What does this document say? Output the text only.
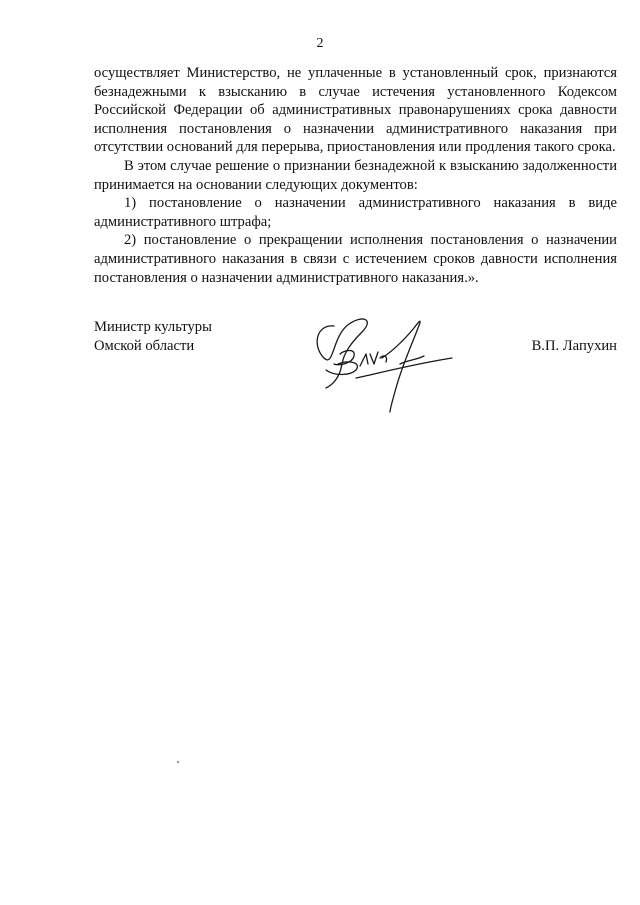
2

осуществляет Министерство, не уплаченные в установленный срок, признаются безнадежными к взысканию в случае истечения установленного Кодексом Российской Федерации об административных правонарушениях срока давности исполнения постановления о назначении административного наказания при отсутствии оснований для перерыва, приостановления или продления такого срока.

В этом случае решение о признании безнадежной к взысканию задолженности принимается на основании следующих документов:

1) постановление о назначении административного наказания в виде административного штрафа;

2) постановление о прекращении исполнения постановления о назначении административного наказания в связи с истечением сроков давности исполнения постановления о назначении административного наказания.».

Министр культуры
Омской области	В.П. Лапухин
